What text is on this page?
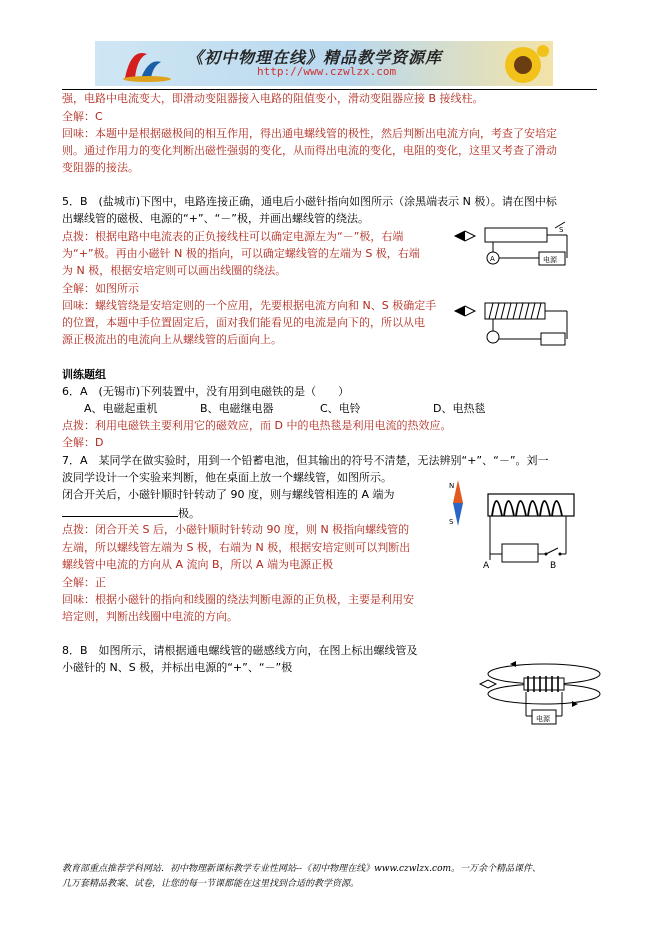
《初中物理在线》精品教学资源库
http://www.czwlzx.com
强，电路中电流变大，即滑动变阻器接入电路的阻值变小，滑动变阻器应接 B 接线柱。
全解：C
回味：本题中是根据磁极间的相互作用，得出通电螺线管的极性，然后判断出电流方向，考查了安培定
则。通过作用力的变化判断出磁性强弱的变化，从而得出电流的变化，电阻的变化，这里又考查了滑动
变阻器的接法。
5．B　(盐城市)下图中，电路连接正确，通电后小磁针指向如图所示（涂黑端表示 N 极）。请在图中标
出螺线管的磁极、电源的“+”、“－”极，并画出螺线管的绕法。
点拨：根据电路中电流表的正负接线柱可以确定电源左为“－”极，右端
为“+”极。再由小磁针 N 极的指向，可以确定螺线管的左端为 S 极，右端
为 N 极，根据安培定则可以画出线圈的绕法。
全解：如图所示
回味：螺线管绕是安培定则的一个应用，先要根据电流方向和 N、S 极确定手
的位置，本题中手位置固定后，面对我们能看见的电流是向下的，所以从电
源正极流出的电流向上从螺线管的后面向上。
A	电源
S
训练题组
6．A　(无锡市)下列装置中，没有用到电磁铁的是（　　）
A、电磁起重机	B、电磁继电器	C、电铃	D、电热毯
点拨：利用电磁铁主要利用它的磁效应，而 D 中的电热毯是利用电流的热效应。
全解：D
7．A　某同学在做实验时，用到一个铅蓄电池，但其输出的符号不清楚，无法辨别“+”、“－”。刘一
波同学设计一个实验来判断，他在桌面上放一个螺线管，如图所示。
闭合开关后，小磁针顺时针转动了 90 度，则与螺线管相连的 A 端为
极。
点拨：闭合开关 S 后，小磁针顺时针转动 90 度，则 N 极指向螺线管的
左端，所以螺线管左端为 S 极，右端为 N 极，根据安培定则可以判断出
螺线管中电流的方向从 A 流向 B，所以 A 端为电源正极
全解：正
回味：根据小磁针的指向和线圈的绕法判断电源的正负极，主要是利用安
培定则，判断出线圈中电流的方向。
N
S
A	B
8．B　如图所示，请根据通电螺线管的磁感线方向，在图上标出螺线管及
小磁针的 N、S 极，并标出电源的“+”、“－”极
电源
教育部重点推荐学科网站．初中物理新课标教学专业性网站--《初中物理在线》www.czwlzx.com。一万余个精品课件、
几万套精品教案、试卷，让您的每一节课都能在这里找到合适的教学资源。
